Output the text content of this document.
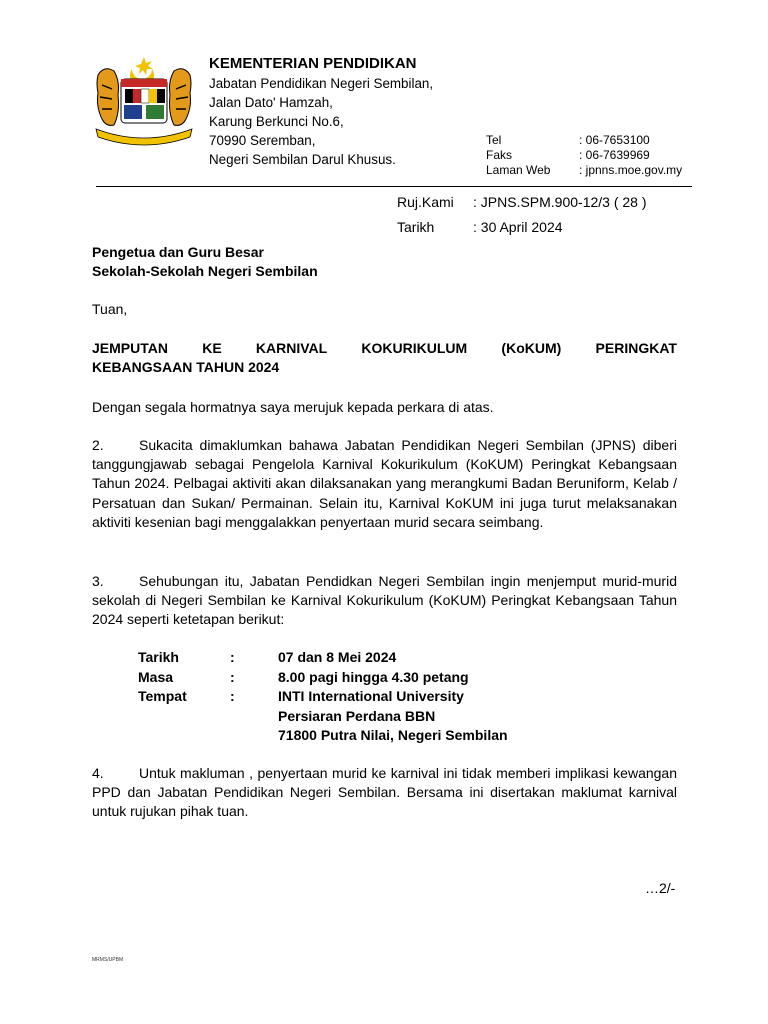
KEMENTERIAN PENDIDIKAN
Jabatan Pendidikan Negeri Sembilan,
Jalan Dato' Hamzah,
Karung Berkunci No.6,
70990 Seremban,
Negeri Sembilan Darul Khusus.
Tel	: 06-7653100
Faks	: 06-7639969
Laman Web	: jpnns.moe.gov.my
Ruj.Kami	: JPNS.SPM.900-12/3 ( 28 )
Tarikh	: 30 April 2024
Pengetua dan Guru Besar
Sekolah-Sekolah Negeri Sembilan
Tuan,
JEMPUTAN KE KARNIVAL KOKURIKULUM (KoKUM) PERINGKAT
KEBANGSAAN TAHUN 2024
Dengan segala hormatnya saya merujuk kepada perkara di atas.
2.	Sukacita dimaklumkan bahawa Jabatan Pendidikan Negeri Sembilan (JPNS) diberi tanggungjawab sebagai Pengelola Karnival Kokurikulum (KoKUM) Peringkat Kebangsaan Tahun 2024. Pelbagai aktiviti akan dilaksanakan yang merangkumi Badan Beruniform, Kelab / Persatuan dan Sukan/ Permainan. Selain itu, Karnival KoKUM ini juga turut melaksanakan aktiviti kesenian bagi menggalakkan penyertaan murid secara seimbang.
3.	Sehubungan itu, Jabatan Pendidkan Negeri Sembilan ingin menjemput murid-murid sekolah di Negeri Sembilan ke Karnival Kokurikulum (KoKUM) Peringkat Kebangsaan Tahun 2024 seperti ketetapan berikut:
Tarikh	:	07 dan 8 Mei 2024
Masa	:	8.00 pagi hingga 4.30 petang
Tempat	:	INTI International University
Persiaran Perdana BBN
71800 Putra Nilai, Negeri Sembilan
4.	Untuk makluman , penyertaan murid ke karnival ini tidak memberi implikasi kewangan PPD dan Jabatan Pendidikan Negeri Sembilan. Bersama ini disertakan maklumat karnival untuk rujukan pihak tuan.
…2/-
MRMS/UPBM
